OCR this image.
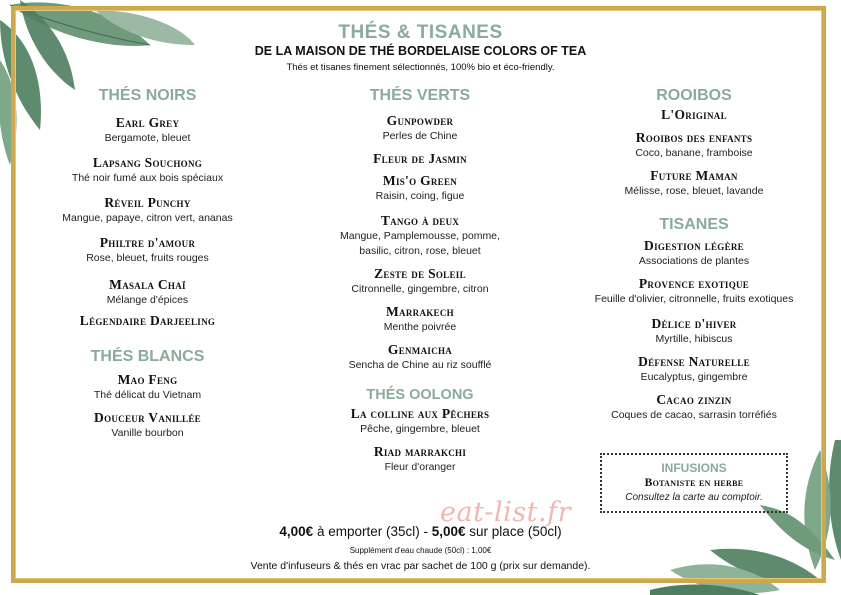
THÉS & TISANES
DE LA MAISON DE THÉ BORDELAISE COLORS OF TEA
Thés et tisanes finement sélectionnés, 100% bio et éco-friendly.
THÉS NOIRS
Earl Grey
Bergamote, bleuet
Lapsang Souchong
Thé noir fumé aux bois spéciaux
Réveil Punchy
Mangue, papaye, citron vert, ananas
Philtre d'amour
Rose, bleuet, fruits rouges
Masala Chaï
Mélange d'épices
Légendaire Darjeeling
THÉS BLANCS
Mao Feng
Thé délicat du Vietnam
Douceur Vanillée
Vanille bourbon
THÉS VERTS
Gunpowder
Perles de Chine
Fleur de Jasmin
Mis'o Green
Raisin, coing, figue
Tango à deux
Mangue, Pamplemousse, pomme,
basilic, citron, rose, bleuet
Zeste de Soleil
Citronnelle, gingembre, citron
Marrakech
Menthe poivrée
Genmaicha
Sencha de Chine au riz soufflé
THÉS OOLONG
La colline aux Pêchers
Pêche, gingembre, bleuet
Riad marrakchi
Fleur d'oranger
ROOIBOS
L'Original
Rooibos des enfants
Coco, banane, framboise
Future Maman
Mélisse, rose, bleuet, lavande
TISANES
Digestion légère
Associations de plantes
Provence exotique
Feuille d'olivier, citronnelle, fruits exotiques
Délice d'hiver
Myrtille, hibiscus
Défense Naturelle
Eucalyptus, gingembre
Cacao zinzin
Coques de cacao, sarrasin torréfiés
INFUSIONS
Botaniste en herbe
Consultez la carte au comptoir.
eat-list.fr
4,00€ à emporter (35cl) - 5,00€ sur place (50cl)
Supplément d'eau chaude (50cl) : 1,00€
Vente d'infuseurs & thés en vrac par sachet de 100 g (prix sur demande).
